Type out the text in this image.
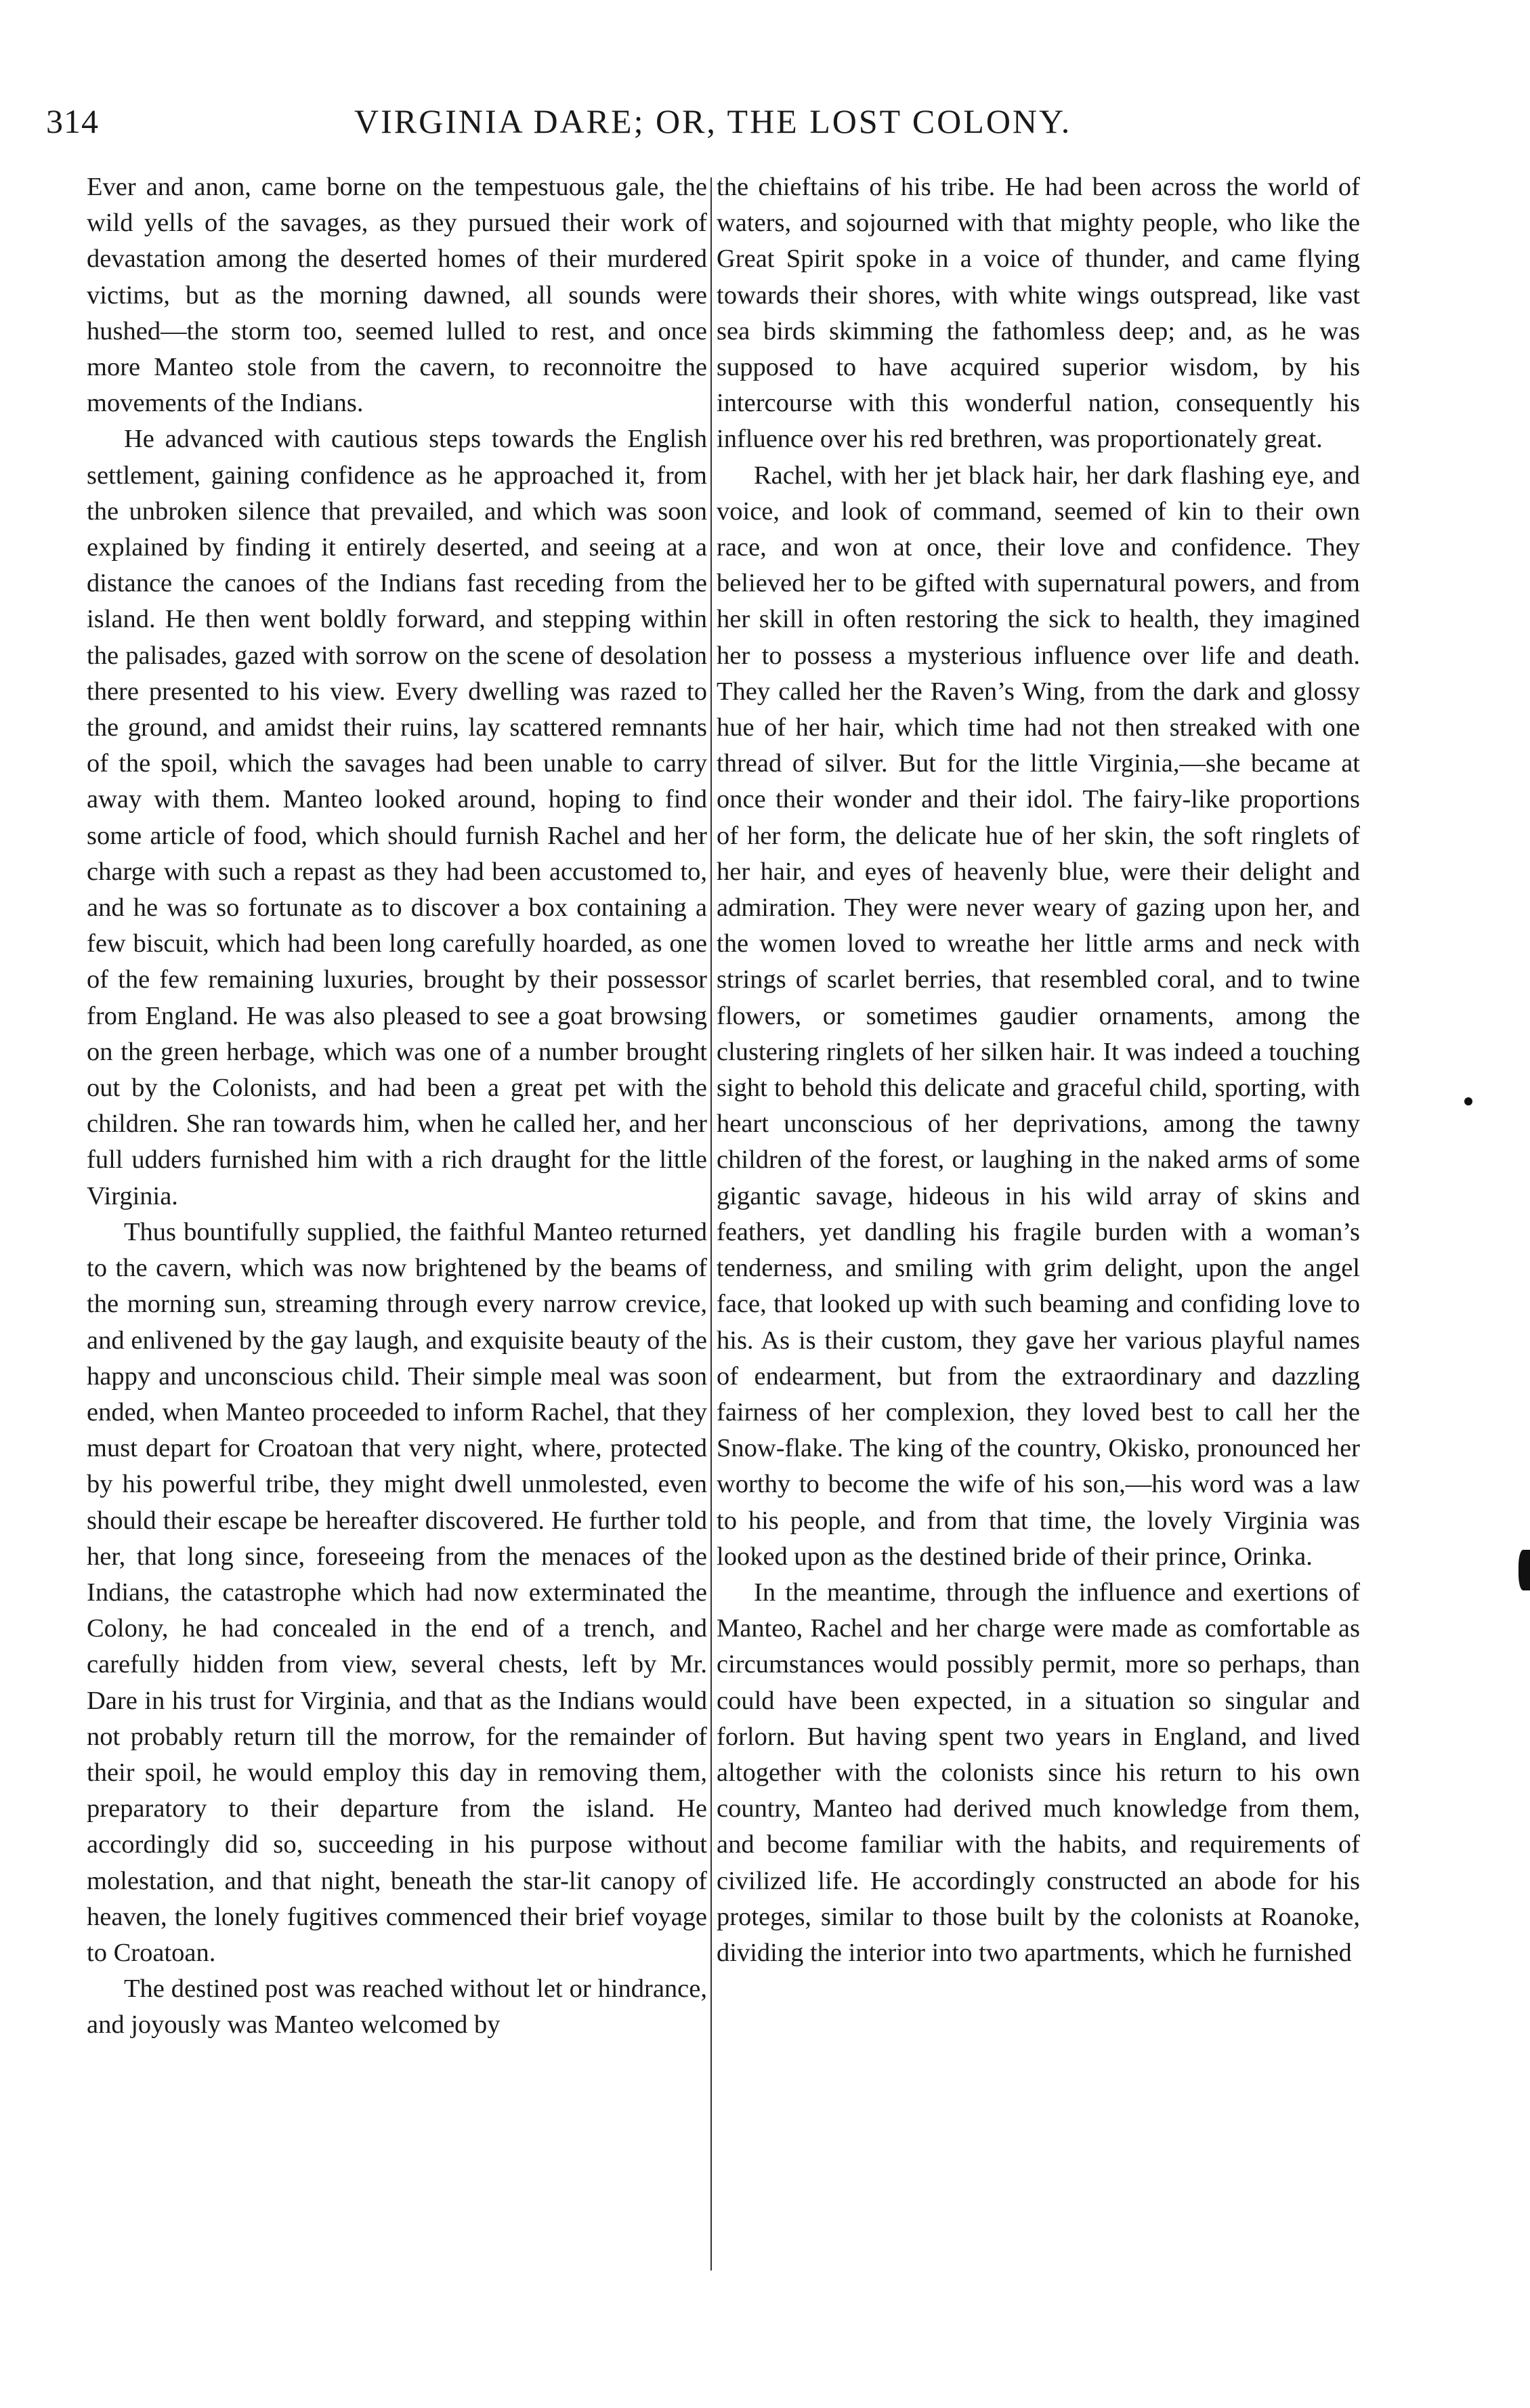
314	VIRGINIA DARE; OR, THE LOST COLONY.

Ever and anon, came borne on the tempestuous gale, the wild yells of the savages, as they pursued their work of devastation among the deserted homes of their murdered victims, but as the morning dawned, all sounds were hushed—the storm too, seemed lulled to rest, and once more Manteo stole from the cavern, to reconnoitre the movements of the Indians.

He advanced with cautious steps towards the English settlement, gaining confidence as he approached it, from the unbroken silence that prevailed, and which was soon explained by finding it entirely deserted, and seeing at a distance the canoes of the Indians fast receding from the island. He then went boldly forward, and stepping within the palisades, gazed with sorrow on the scene of desolation there presented to his view. Every dwelling was razed to the ground, and amidst their ruins, lay scattered remnants of the spoil, which the savages had been unable to carry away with them. Manteo looked around, hoping to find some article of food, which should furnish Rachel and her charge with such a repast as they had been accustomed to, and he was so fortunate as to discover a box containing a few biscuit, which had been long carefully hoarded, as one of the few remaining luxuries, brought by their possessor from England. He was also pleased to see a goat browsing on the green herbage, which was one of a number brought out by the Colonists, and had been a great pet with the children. She ran towards him, when he called her, and her full udders furnished him with a rich draught for the little Virginia.

Thus bountifully supplied, the faithful Manteo returned to the cavern, which was now brightened by the beams of the morning sun, streaming through every narrow crevice, and enlivened by the gay laugh, and exquisite beauty of the happy and unconscious child. Their simple meal was soon ended, when Manteo proceeded to inform Rachel, that they must depart for Croatoan that very night, where, protected by his powerful tribe, they might dwell unmolested, even should their escape be hereafter discovered. He further told her, that long since, foreseeing from the menaces of the Indians, the catastrophe which had now exterminated the Colony, he had concealed in the end of a trench, and carefully hidden from view, several chests, left by Mr. Dare in his trust for Virginia, and that as the Indians would not probably return till the morrow, for the remainder of their spoil, he would employ this day in removing them, preparatory to their departure from the island. He accordingly did so, succeeding in his purpose without molestation, and that night, beneath the star-lit canopy of heaven, the lonely fugitives commenced their brief voyage to Croatoan.

The destined post was reached without let or hindrance, and joyously was Manteo welcomed by

the chieftains of his tribe. He had been across the world of waters, and sojourned with that mighty people, who like the Great Spirit spoke in a voice of thunder, and came flying towards their shores, with white wings outspread, like vast sea birds skimming the fathomless deep; and, as he was supposed to have acquired superior wisdom, by his intercourse with this wonderful nation, consequently his influence over his red brethren, was proportionately great.

Rachel, with her jet black hair, her dark flashing eye, and voice, and look of command, seemed of kin to their own race, and won at once, their love and confidence. They believed her to be gifted with supernatural powers, and from her skill in often restoring the sick to health, they imagined her to possess a mysterious influence over life and death. They called her the Raven’s Wing, from the dark and glossy hue of her hair, which time had not then streaked with one thread of silver. But for the little Virginia,—she became at once their wonder and their idol. The fairy-like proportions of her form, the delicate hue of her skin, the soft ringlets of her hair, and eyes of heavenly blue, were their delight and admiration. They were never weary of gazing upon her, and the women loved to wreathe her little arms and neck with strings of scarlet berries, that resembled coral, and to twine flowers, or sometimes gaudier ornaments, among the clustering ringlets of her silken hair. It was indeed a touching sight to behold this delicate and graceful child, sporting, with heart unconscious of her deprivations, among the tawny children of the forest, or laughing in the naked arms of some gigantic savage, hideous in his wild array of skins and feathers, yet dandling his fragile burden with a woman’s tenderness, and smiling with grim delight, upon the angel face, that looked up with such beaming and confiding love to his. As is their custom, they gave her various playful names of endearment, but from the extraordinary and dazzling fairness of her complexion, they loved best to call her the Snow-flake. The king of the country, Okisko, pronounced her worthy to become the wife of his son,—his word was a law to his people, and from that time, the lovely Virginia was looked upon as the destined bride of their prince, Orinka.

In the meantime, through the influence and exertions of Manteo, Rachel and her charge were made as comfortable as circumstances would possibly permit, more so perhaps, than could have been expected, in a situation so singular and forlorn. But having spent two years in England, and lived altogether with the colonists since his return to his own country, Manteo had derived much knowledge from them, and become familiar with the habits, and requirements of civilized life. He accordingly constructed an abode for his proteges, similar to those built by the colonists at Roanoke, dividing the interior into two apartments, which he furnished
